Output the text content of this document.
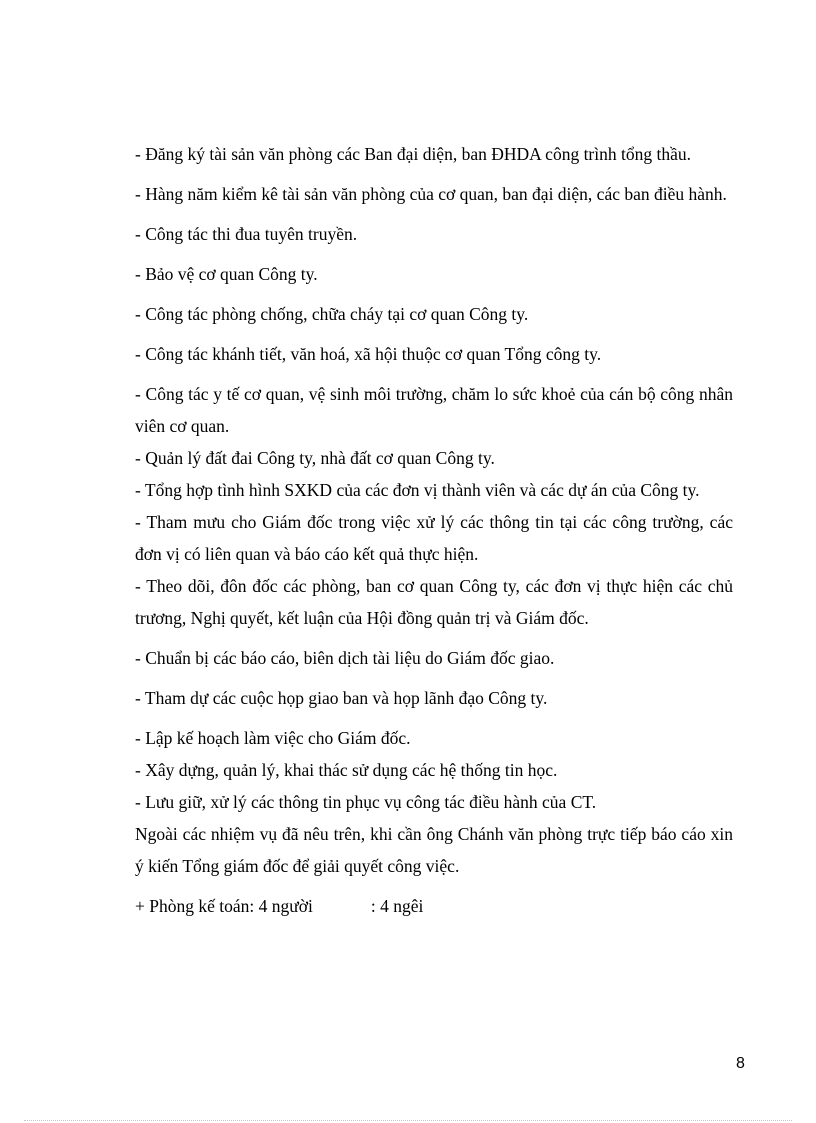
- Đăng ký tài sản văn phòng các Ban đại diện, ban ĐHDA công trình tổng thầu.

- Hàng năm kiểm kê tài sản văn phòng của cơ quan, ban đại diện, các ban điều hành.

- Công tác thi đua tuyên truyền.

- Bảo vệ cơ quan Công ty.

- Công tác phòng chống, chữa cháy tại cơ quan Công ty.

- Công tác khánh tiết, văn hoá, xã hội thuộc cơ quan Tổng công ty.

- Công tác y tế cơ quan, vệ sinh môi trường, chăm lo sức khoẻ của cán bộ công nhân viên cơ quan.

- Quản lý đất đai Công ty, nhà đất cơ quan Công ty.

- Tổng hợp tình hình SXKD của các đơn vị thành viên và các dự án của Công ty.

- Tham mưu cho Giám đốc trong việc xử lý các thông tin tại các công trường, các đơn vị có liên quan và báo cáo kết quả thực hiện.

- Theo dõi, đôn đốc các phòng, ban cơ quan Công ty, các đơn vị thực hiện các chủ trương, Nghị quyết, kết luận của Hội đồng quản trị và Giám đốc.

- Chuẩn bị các báo cáo, biên dịch tài liệu do Giám đốc giao.

- Tham dự các cuộc họp giao ban và họp lãnh đạo Công ty.

- Lập kế hoạch làm việc cho Giám đốc.

- Xây dựng, quản lý, khai thác sử dụng các hệ thống tin học.

- Lưu giữ, xử lý các thông tin phục vụ công tác điều hành của CT.

Ngoài các nhiệm vụ đã nêu trên, khi cần ông Chánh văn phòng trực tiếp báo cáo xin ý kiến Tổng giám đốc để giải quyết công việc.

+ Phòng kế toán: 4 người	: 4 ngêi

8
